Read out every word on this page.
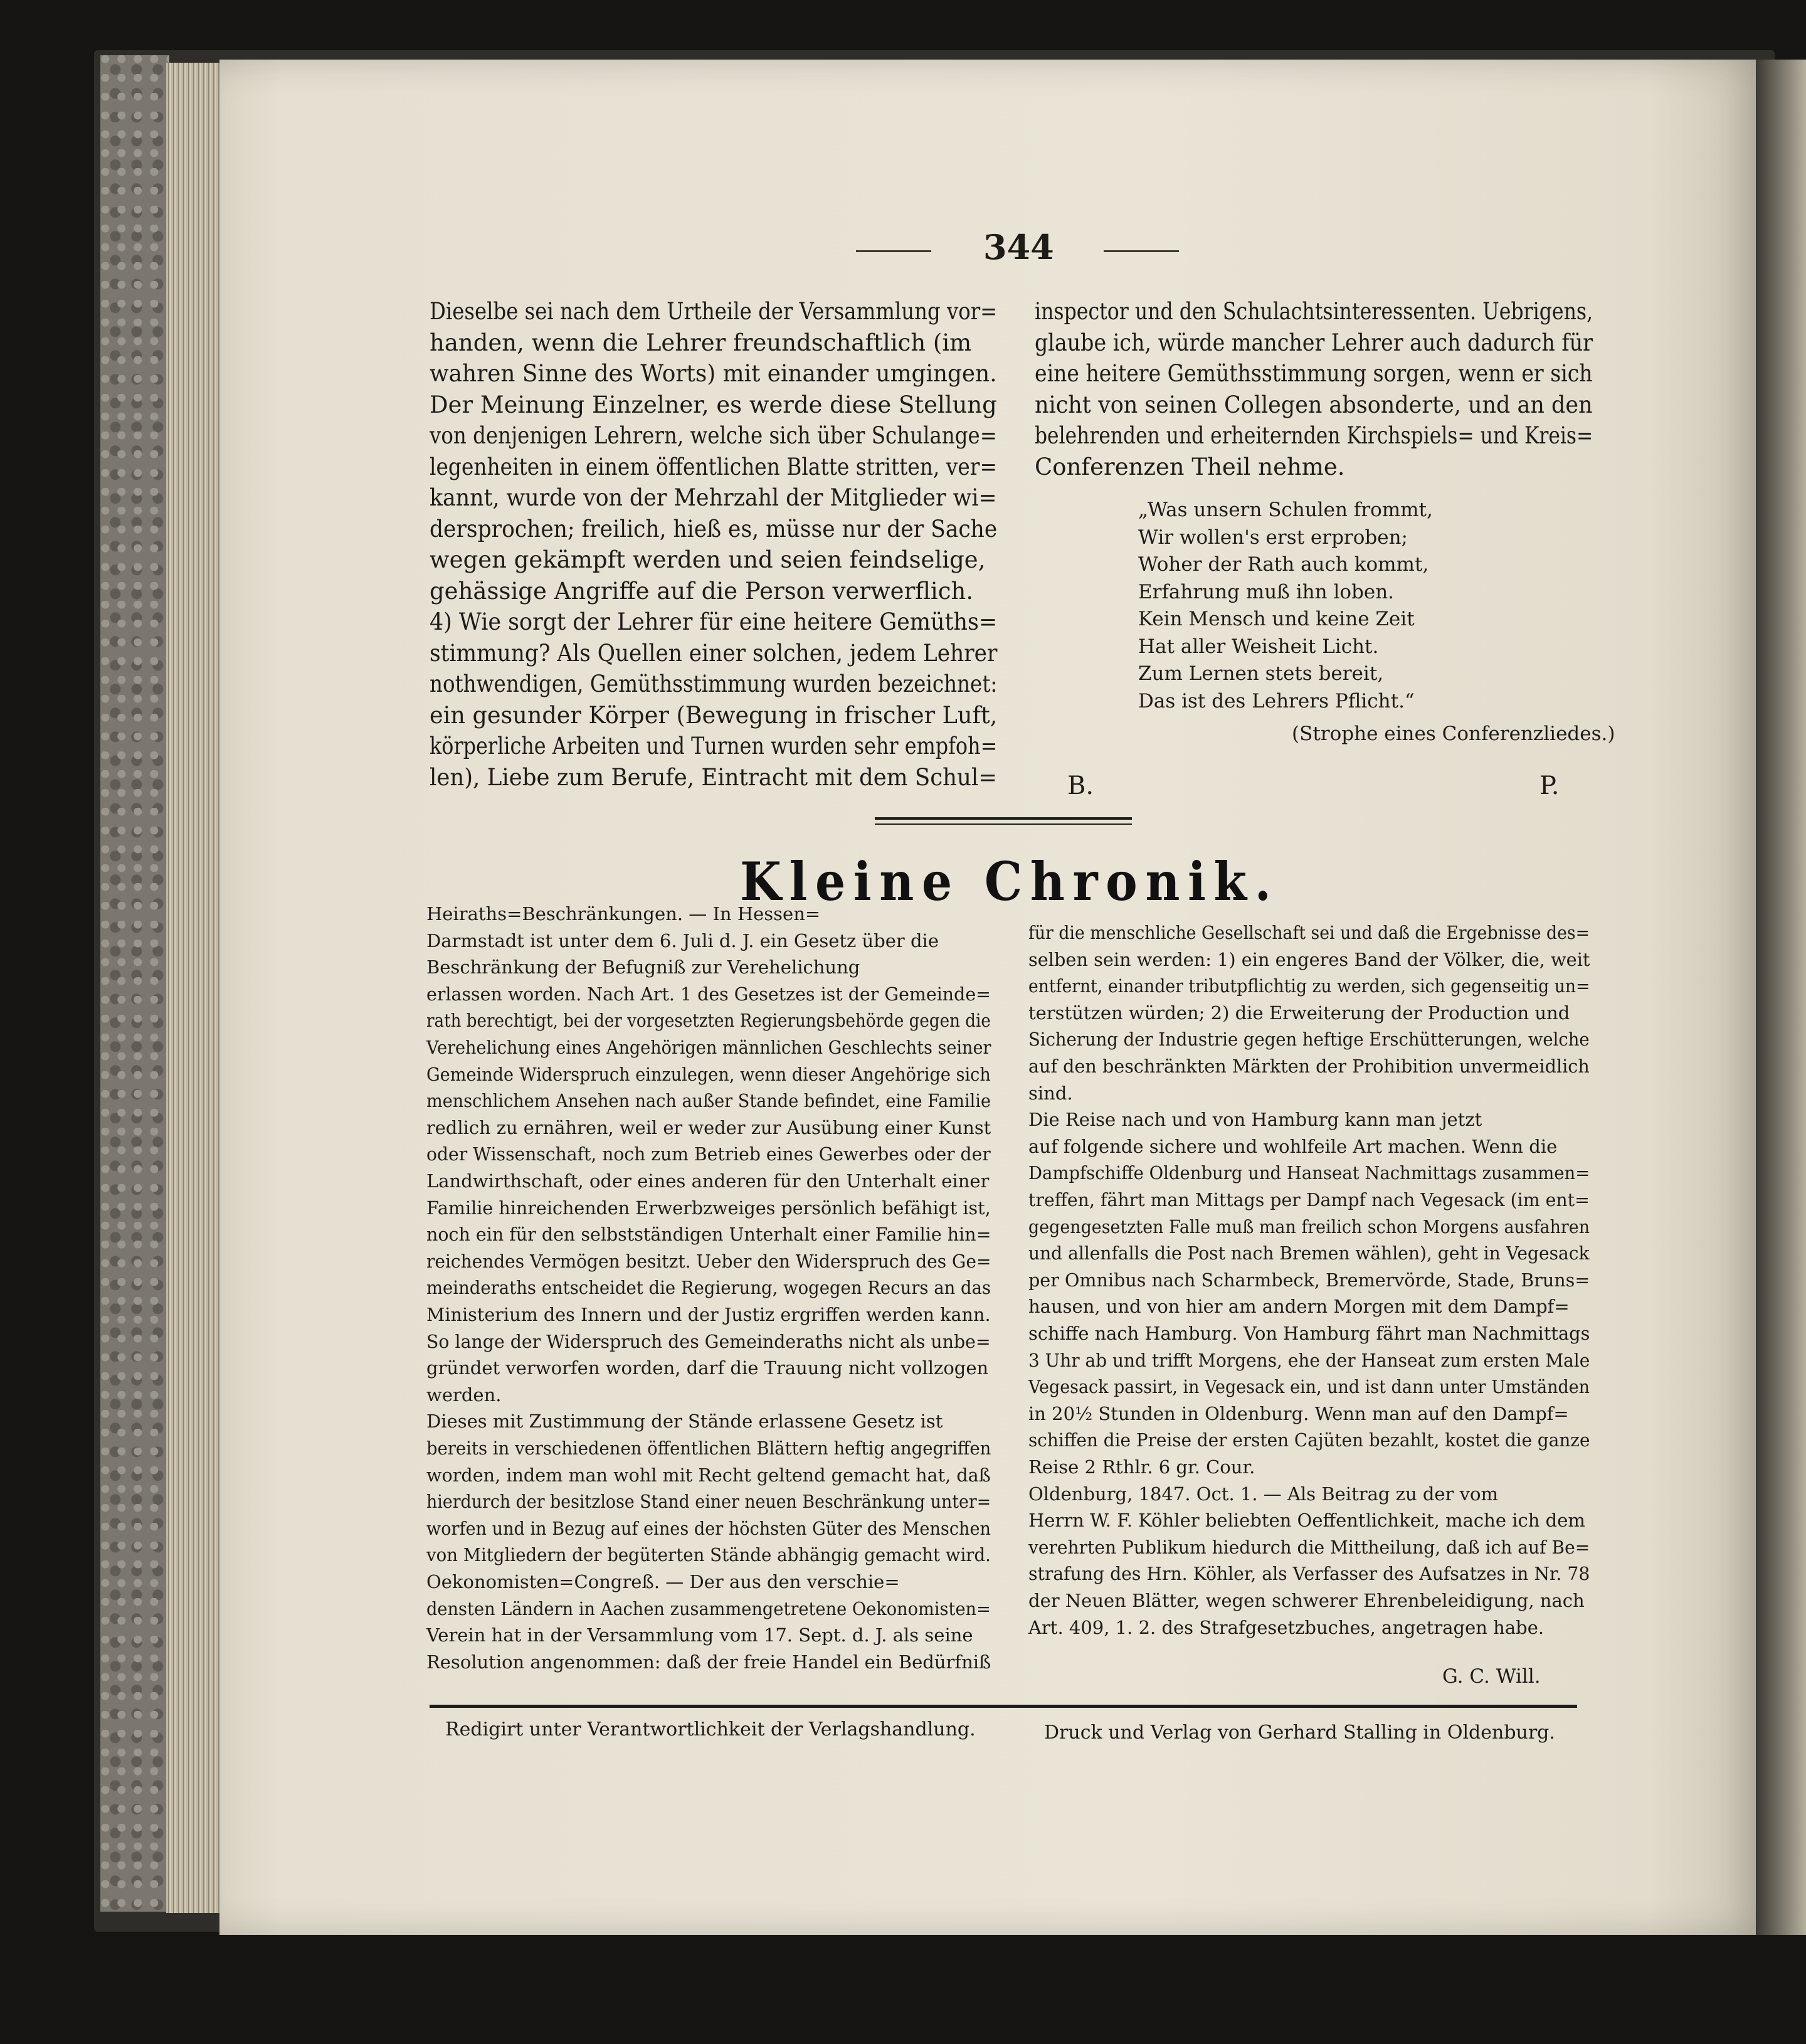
344
Dieselbe sei nach dem Urtheile der Versammlung vor=
handen, wenn die Lehrer freundschaftlich (im
wahren Sinne des Worts) mit einander umgingen.
Der Meinung Einzelner, es werde diese Stellung
von denjenigen Lehrern, welche sich über Schulange=
legenheiten in einem öffentlichen Blatte stritten, ver=
kannt, wurde von der Mehrzahl der Mitglieder wi=
dersprochen; freilich, hieß es, müsse nur der Sache
wegen gekämpft werden und seien feindselige,
gehässige Angriffe auf die Person verwerflich.
4) Wie sorgt der Lehrer für eine heitere Gemüths=
stimmung? Als Quellen einer solchen, jedem Lehrer
nothwendigen, Gemüthsstimmung wurden bezeichnet:
ein gesunder Körper (Bewegung in frischer Luft,
körperliche Arbeiten und Turnen wurden sehr empfoh=
len), Liebe zum Berufe, Eintracht mit dem Schul=
inspector und den Schulachtsinteressenten. Uebrigens,
glaube ich, würde mancher Lehrer auch dadurch für
eine heitere Gemüthsstimmung sorgen, wenn er sich
nicht von seinen Collegen absonderte, und an den
belehrenden und erheiternden Kirchspiels= und Kreis=
Conferenzen Theil nehme.
„Was unsern Schulen frommt,
Wir wollen's erst erproben;
Woher der Rath auch kommt,
Erfahrung muß ihn loben.
Kein Mensch und keine Zeit
Hat aller Weisheit Licht.
Zum Lernen stets bereit,
Das ist des Lehrers Pflicht.“
(Strophe eines Conferenzliedes.)
B.	P.
Kleine Chronik.
Heiraths=Beschränkungen. — In Hessen=
Darmstadt ist unter dem 6. Juli d. J. ein Gesetz über die
Beschränkung der Befugniß zur Verehelichung
erlassen worden. Nach Art. 1 des Gesetzes ist der Gemeinde=
rath berechtigt, bei der vorgesetzten Regierungsbehörde gegen die
Verehelichung eines Angehörigen männlichen Geschlechts seiner
Gemeinde Widerspruch einzulegen, wenn dieser Angehörige sich
menschlichem Ansehen nach außer Stande befindet, eine Familie
redlich zu ernähren, weil er weder zur Ausübung einer Kunst
oder Wissenschaft, noch zum Betrieb eines Gewerbes oder der
Landwirthschaft, oder eines anderen für den Unterhalt einer
Familie hinreichenden Erwerbzweiges persönlich befähigt ist,
noch ein für den selbstständigen Unterhalt einer Familie hin=
reichendes Vermögen besitzt. Ueber den Widerspruch des Ge=
meinderaths entscheidet die Regierung, wogegen Recurs an das
Ministerium des Innern und der Justiz ergriffen werden kann.
So lange der Widerspruch des Gemeinderaths nicht als unbe=
gründet verworfen worden, darf die Trauung nicht vollzogen
werden.
Dieses mit Zustimmung der Stände erlassene Gesetz ist
bereits in verschiedenen öffentlichen Blättern heftig angegriffen
worden, indem man wohl mit Recht geltend gemacht hat, daß
hierdurch der besitzlose Stand einer neuen Beschränkung unter=
worfen und in Bezug auf eines der höchsten Güter des Menschen
von Mitgliedern der begüterten Stände abhängig gemacht wird.
Oekonomisten=Congreß. — Der aus den verschie=
densten Ländern in Aachen zusammengetretene Oekonomisten=
Verein hat in der Versammlung vom 17. Sept. d. J. als seine
Resolution angenommen: daß der freie Handel ein Bedürfniß
für die menschliche Gesellschaft sei und daß die Ergebnisse des=
selben sein werden: 1) ein engeres Band der Völker, die, weit
entfernt, einander tributpflichtig zu werden, sich gegenseitig un=
terstützen würden; 2) die Erweiterung der Production und
Sicherung der Industrie gegen heftige Erschütterungen, welche
auf den beschränkten Märkten der Prohibition unvermeidlich
sind.
Die Reise nach und von Hamburg kann man jetzt
auf folgende sichere und wohlfeile Art machen. Wenn die
Dampfschiffe Oldenburg und Hanseat Nachmittags zusammen=
treffen, fährt man Mittags per Dampf nach Vegesack (im ent=
gegengesetzten Falle muß man freilich schon Morgens ausfahren
und allenfalls die Post nach Bremen wählen), geht in Vegesack
per Omnibus nach Scharmbeck, Bremervörde, Stade, Bruns=
hausen, und von hier am andern Morgen mit dem Dampf=
schiffe nach Hamburg. Von Hamburg fährt man Nachmittags
3 Uhr ab und trifft Morgens, ehe der Hanseat zum ersten Male
Vegesack passirt, in Vegesack ein, und ist dann unter Umständen
in 20½ Stunden in Oldenburg. Wenn man auf den Dampf=
schiffen die Preise der ersten Cajüten bezahlt, kostet die ganze
Reise 2 Rthlr. 6 gr. Cour.
Oldenburg, 1847. Oct. 1. — Als Beitrag zu der vom
Herrn W. F. Köhler beliebten Oeffentlichkeit, mache ich dem
verehrten Publikum hiedurch die Mittheilung, daß ich auf Be=
strafung des Hrn. Köhler, als Verfasser des Aufsatzes in Nr. 78
der Neuen Blätter, wegen schwerer Ehrenbeleidigung, nach
Art. 409, 1. 2. des Strafgesetzbuches, angetragen habe.
G. C. Will.
Redigirt unter Verantwortlichkeit der Verlagshandlung.	Druck und Verlag von Gerhard Stalling in Oldenburg.
